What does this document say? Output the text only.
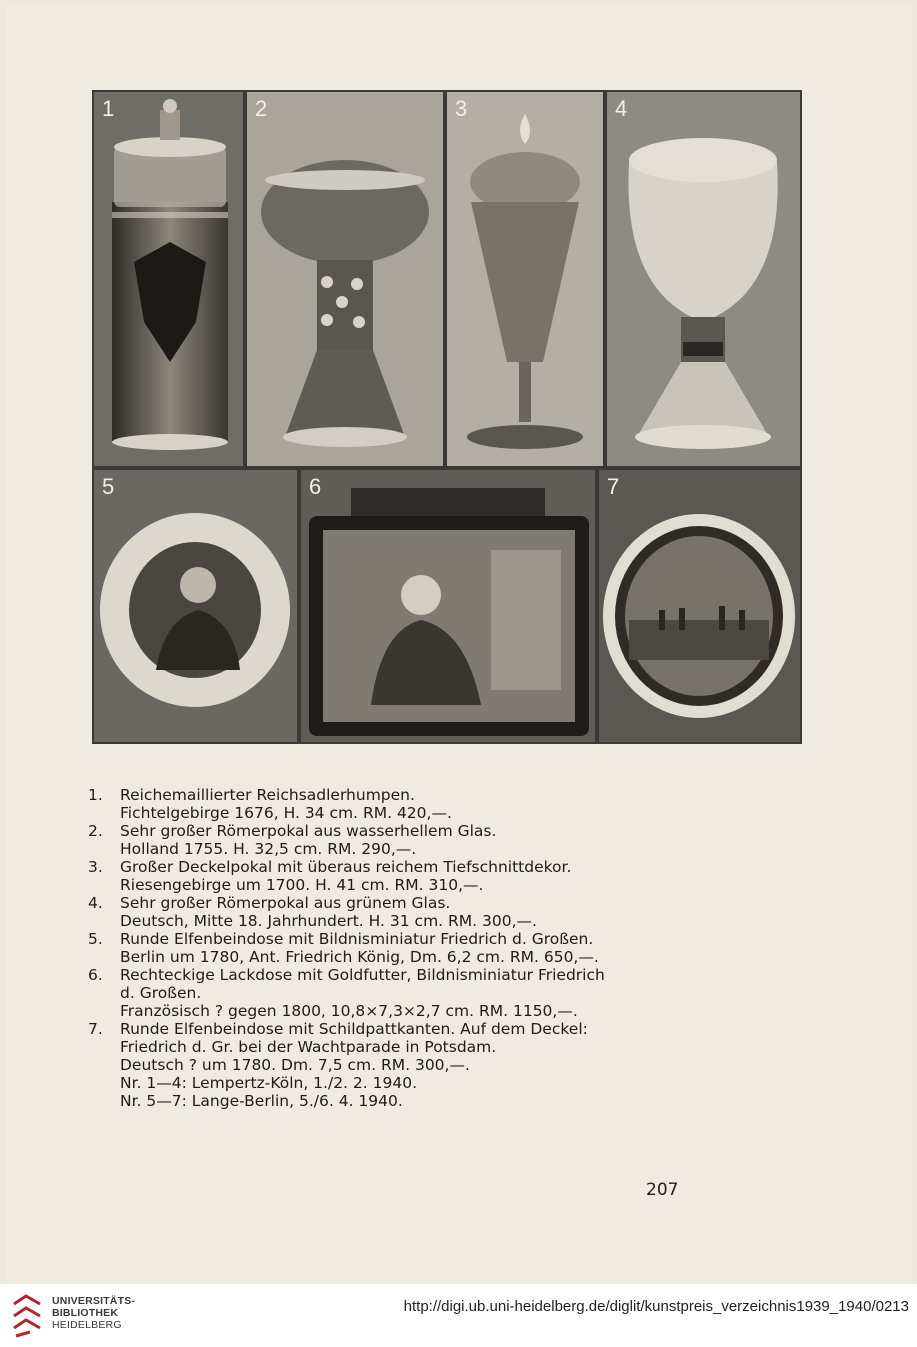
1	2	3	4
5	6	7
1. Reichemaillierter Reichsadlerhumpen.
Fichtelgebirge 1676, H. 34 cm. RM. 420,—.
2. Sehr großer Römerpokal aus wasserhellem Glas.
Holland 1755. H. 32,5 cm. RM. 290,—.
3. Großer Deckelpokal mit überaus reichem Tiefschnittdekor.
Riesengebirge um 1700. H. 41 cm. RM. 310,—.
4. Sehr großer Römerpokal aus grünem Glas.
Deutsch, Mitte 18. Jahrhundert. H. 31 cm. RM. 300,—.
5. Runde Elfenbeindose mit Bildnisminiatur Friedrich d. Großen.
Berlin um 1780, Ant. Friedrich König, Dm. 6,2 cm. RM. 650,—.
6. Rechteckige Lackdose mit Goldfutter, Bildnisminiatur Friedrich
d. Großen.
Französisch ? gegen 1800, 10,8×7,3×2,7 cm. RM. 1150,—.
7. Runde Elfenbeindose mit Schildpattkanten. Auf dem Deckel:
Friedrich d. Gr. bei der Wachtparade in Potsdam.
Deutsch ? um 1780. Dm. 7,5 cm. RM. 300,—.
Nr. 1—4: Lempertz-Köln, 1./2. 2. 1940.
Nr. 5—7: Lange-Berlin, 5./6. 4. 1940.
207
UNIVERSITÄTS-
BIBLIOTHEK
HEIDELBERG
http://digi.ub.uni-heidelberg.de/diglit/kunstpreis_verzeichnis1939_1940/0213
